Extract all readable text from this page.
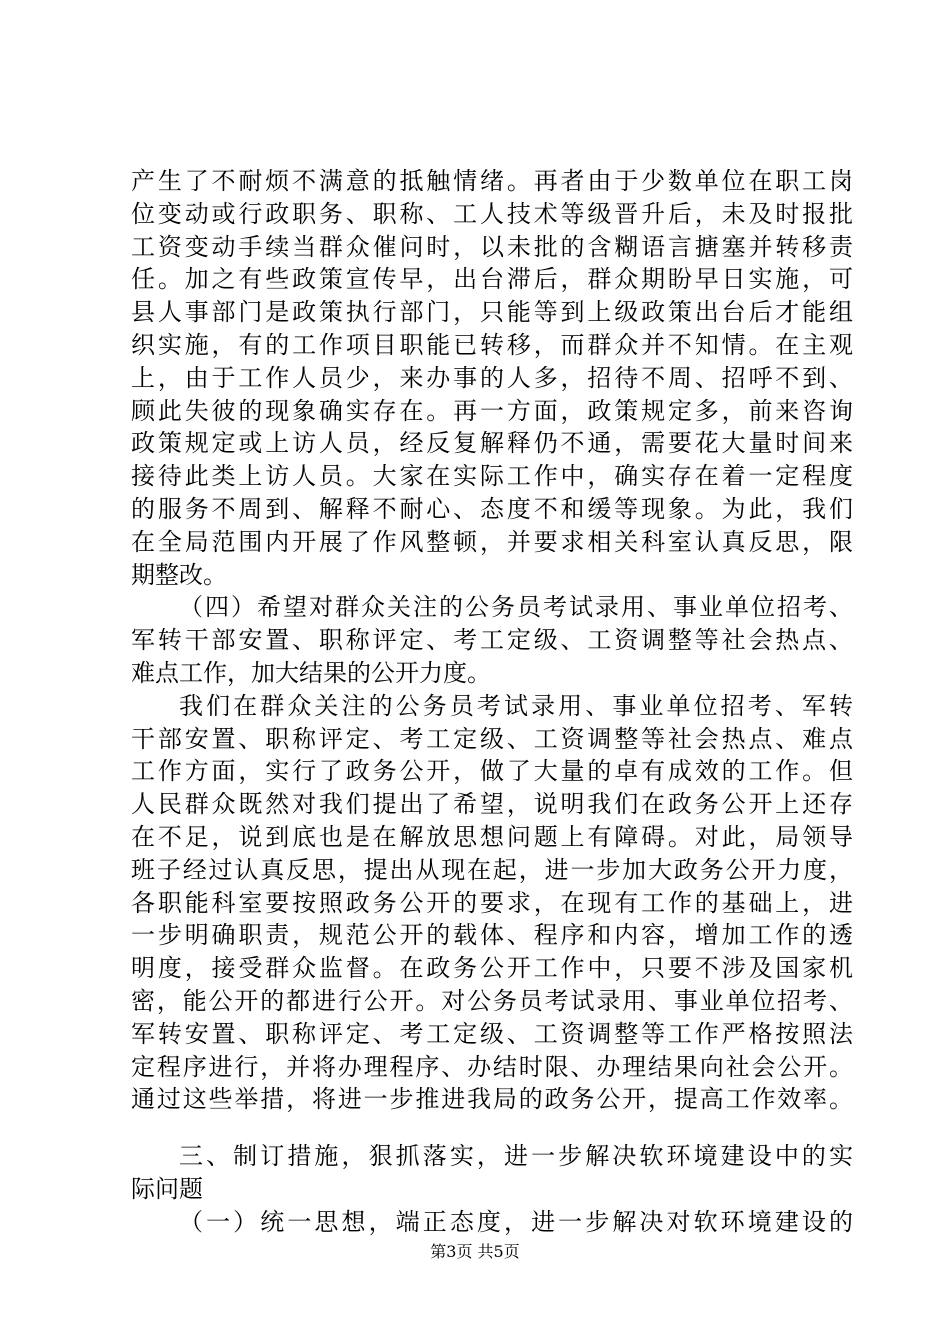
产生了不耐烦不满意的抵触情绪。再者由于少数单位在职工岗
位变动或行政职务、职称、工人技术等级晋升后，未及时报批
工资变动手续当群众催问时，以未批的含糊语言搪塞并转移责
任。加之有些政策宣传早，出台滞后，群众期盼早日实施，可
县人事部门是政策执行部门，只能等到上级政策出台后才能组
织实施，有的工作项目职能已转移，而群众并不知情。在主观
上，由于工作人员少，来办事的人多，招待不周、招呼不到、
顾此失彼的现象确实存在。再一方面，政策规定多，前来咨询
政策规定或上访人员，经反复解释仍不通，需要花大量时间来
接待此类上访人员。大家在实际工作中，确实存在着一定程度
的服务不周到、解释不耐心、态度不和缓等现象。为此，我们
在全局范围内开展了作风整顿，并要求相关科室认真反思，限
期整改。
（四）希望对群众关注的公务员考试录用、事业单位招考、
军转干部安置、职称评定、考工定级、工资调整等社会热点、
难点工作，加大结果的公开力度。
我们在群众关注的公务员考试录用、事业单位招考、军转
干部安置、职称评定、考工定级、工资调整等社会热点、难点
工作方面，实行了政务公开，做了大量的卓有成效的工作。但
人民群众既然对我们提出了希望，说明我们在政务公开上还存
在不足，说到底也是在解放思想问题上有障碍。对此，局领导
班子经过认真反思，提出从现在起，进一步加大政务公开力度，
各职能科室要按照政务公开的要求，在现有工作的基础上，进
一步明确职责，规范公开的载体、程序和内容，增加工作的透
明度，接受群众监督。在政务公开工作中，只要不涉及国家机
密，能公开的都进行公开。对公务员考试录用、事业单位招考、
军转安置、职称评定、考工定级、工资调整等工作严格按照法
定程序进行，并将办理程序、办结时限、办理结果向社会公开。
通过这些举措，将进一步推进我局的政务公开，提高工作效率。
三、制订措施，狠抓落实，进一步解决软环境建设中的实
际问题
（一）统一思想，端正态度，进一步解决对软环境建设的
第3页 共5页
